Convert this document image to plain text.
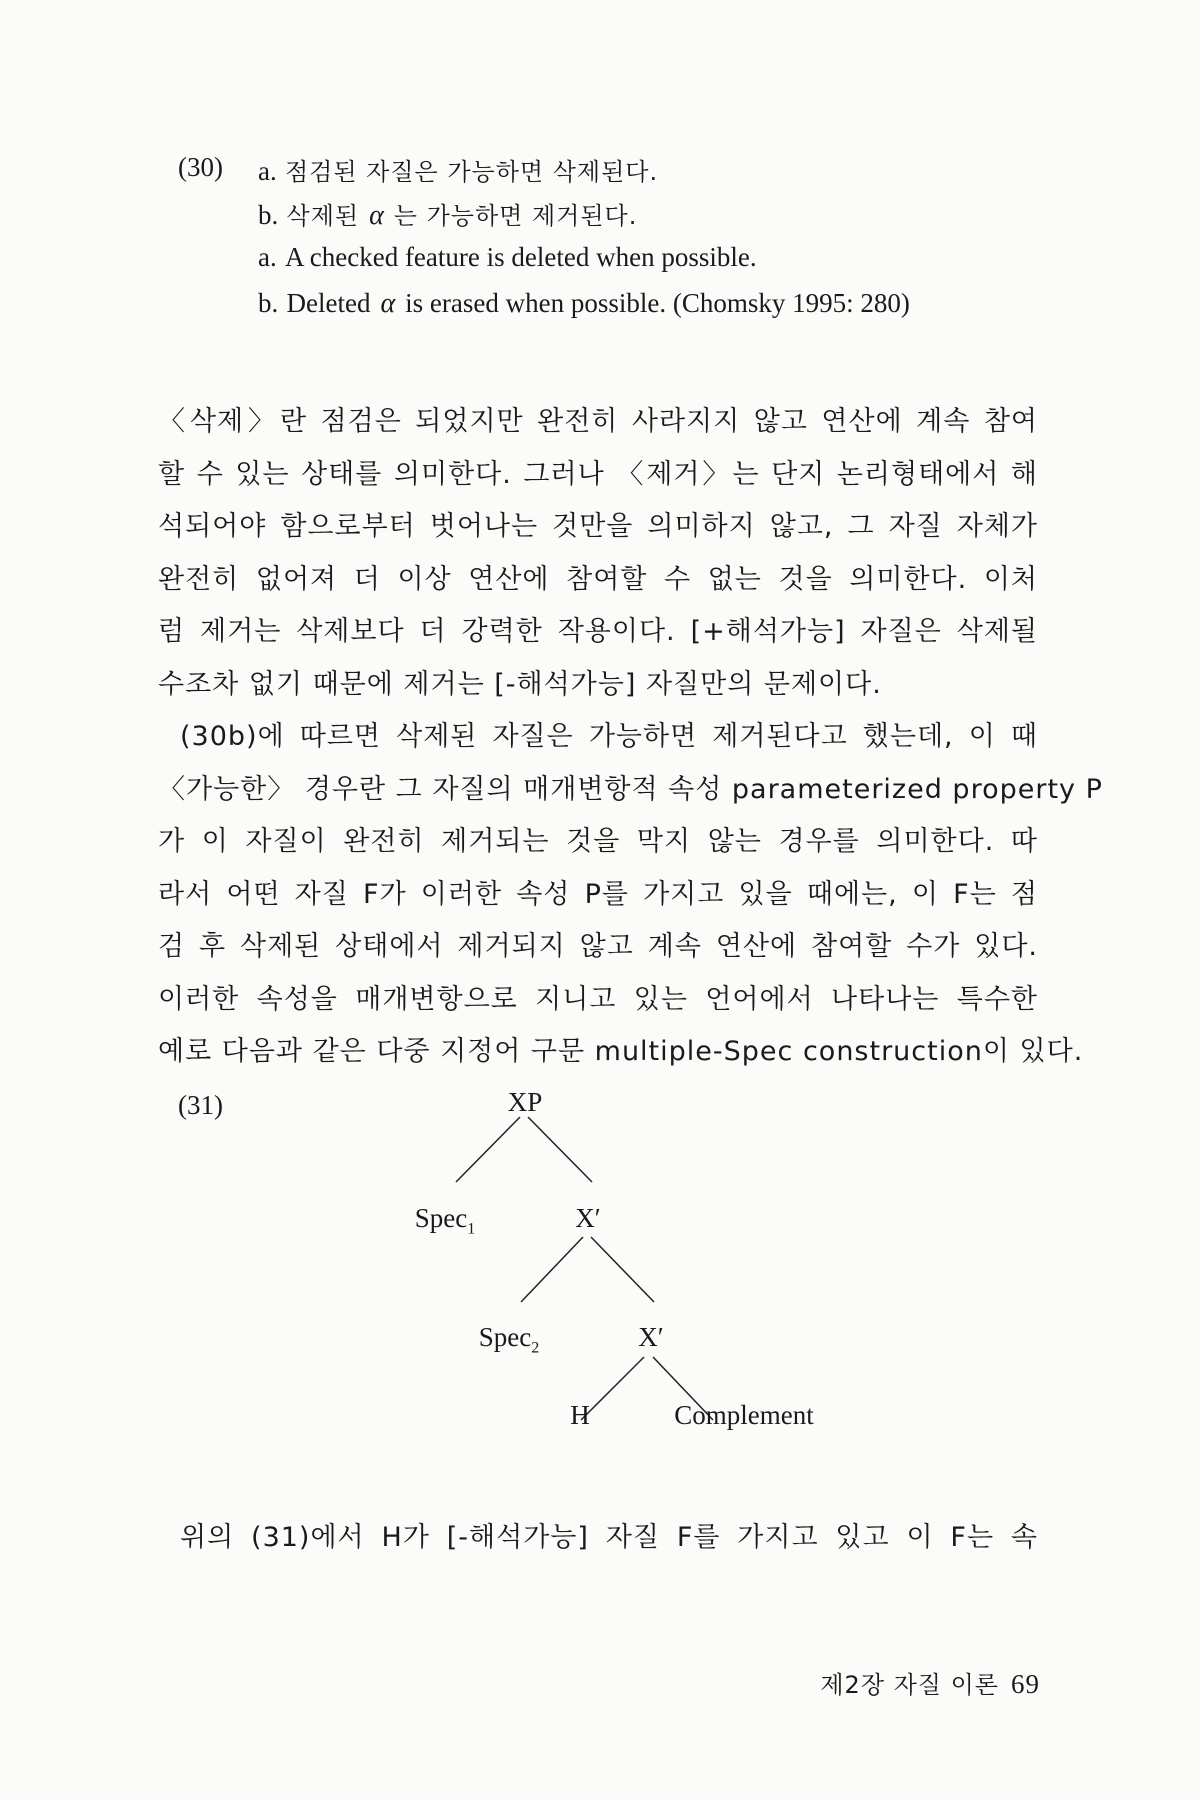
(30) a. 점검된 자질은 가능하면 삭제된다.
b. 삭제된 α 는 가능하면 제거된다.
a. A checked feature is deleted when possible.
b. Deleted α is erased when possible. (Chomsky 1995: 280)
〈삭제〉란 점검은 되었지만 완전히 사라지지 않고 연산에 계속 참여
할 수 있는 상태를 의미한다. 그러나 〈제거〉는 단지 논리형태에서 해
석되어야 함으로부터 벗어나는 것만을 의미하지 않고, 그 자질 자체가
완전히 없어져 더 이상 연산에 참여할 수 없는 것을 의미한다. 이처
럼 제거는 삭제보다 더 강력한 작용이다. [+해석가능] 자질은 삭제될
수조차 없기 때문에 제거는 [-해석가능] 자질만의 문제이다.
(30b)에 따르면 삭제된 자질은 가능하면 제거된다고 했는데, 이 때
〈가능한〉 경우란 그 자질의 매개변항적 속성 parameterized property P
가 이 자질이 완전히 제거되는 것을 막지 않는 경우를 의미한다. 따
라서 어떤 자질 F가 이러한 속성 P를 가지고 있을 때에는, 이 F는 점
검 후 삭제된 상태에서 제거되지 않고 계속 연산에 참여할 수가 있다.
이러한 속성을 매개변항으로 지니고 있는 언어에서 나타나는 특수한
예로 다음과 같은 다중 지정어 구문 multiple-Spec construction이 있다.
(31)	XP
Spec$_1$	X′
Spec$_2$	X′
H	Complement
위의 (31)에서 H가 [-해석가능] 자질 F를 가지고 있고 이 F는 속
제2장 자질 이론 69
